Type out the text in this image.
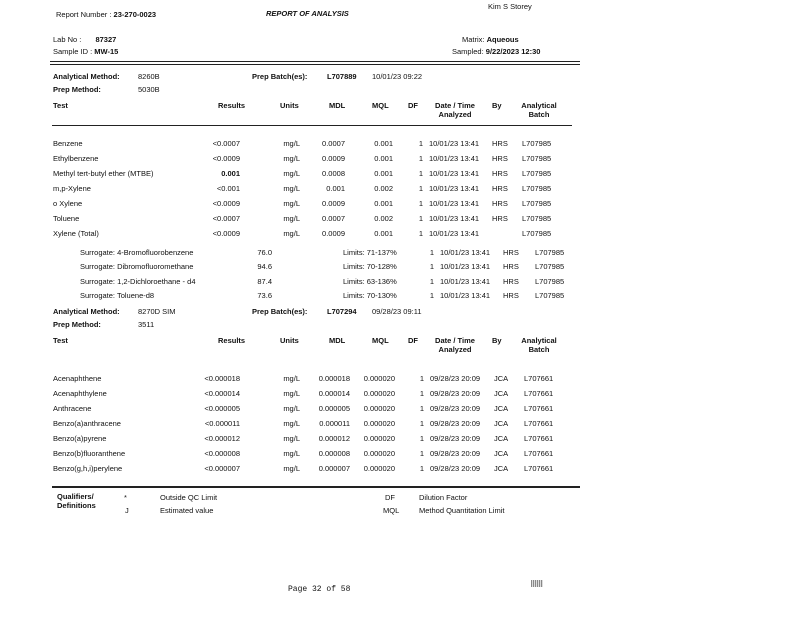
Report Number : 23-270-0023	REPORT OF ANALYSIS
Kim S Storey
Lab No : 87327
Sample ID : MW-15
Matrix: Aqueous
Sampled: 9/22/2023 12:30
Analytical Method: 8260B	Prep Batch(es):	L707889 10/01/23 09:22
Prep Method:	5030B
Test	Results	Units	MDL	MQL	DF	Date / Time
Analyzed
By	Analytical
Batch
Benzene	<0.0007	mg/L	0.0007	0.001	1 10/01/23 13:41 HRS L707985
Ethylbenzene	<0.0009	mg/L	0.0009	0.001	1 10/01/23 13:41 HRS L707985
Methyl tert-butyl ether (MTBE)	0.001	mg/L	0.0008	0.001	1 10/01/23 13:41 HRS L707985
m,p-Xylene	<0.001	mg/L	0.001	0.002	1 10/01/23 13:41 HRS L707985
o Xylene	<0.0009	mg/L	0.0009	0.001	1 10/01/23 13:41 HRS L707985
Toluene	<0.0007	mg/L	0.0007	0.002	1 10/01/23 13:41 HRS L707985
Xylene (Total)	<0.0009	mg/L	0.0009	0.001	1 10/01/23 13:41	L707985
Surrogate: 4-Bromofluorobenzene	76.0	Limits: 71-137%	1 10/01/23 13:41 HRS L707985
Surrogate: Dibromofluoromethane	94.6	Limits: 70-128%	1 10/01/23 13:41 HRS L707985
Surrogate: 1,2-Dichloroethane - d4	87.4	Limits: 63-136%	1 10/01/23 13:41 HRS L707985
Surrogate: Toluene-d8	73.6	Limits: 70-130%	1 10/01/23 13:41 HRS L707985
Analytical Method: 8270D SIM	Prep Batch(es):	L707294 09/28/23 09:11
Prep Method:	3511
Test	Results	Units	MDL	MQL	DF	Date / Time
Analyzed
By	Analytical
Batch
Acenaphthene	<0.000018	mg/L	0.000018	0.000020	1 09/28/23 20:09 JCA L707661
Acenaphthylene	<0.000014	mg/L	0.000014	0.000020	1 09/28/23 20:09 JCA L707661
Anthracene	<0.000005	mg/L	0.000005	0.000020	1 09/28/23 20:09 JCA L707661
Benzo(a)anthracene	<0.000011	mg/L	0.000011	0.000020	1 09/28/23 20:09 JCA L707661
Benzo(a)pyrene	<0.000012	mg/L	0.000012	0.000020	1 09/28/23 20:09 JCA L707661
Benzo(b)fluoranthene	<0.000008	mg/L	0.000008	0.000020	1 09/28/23 20:09 JCA L707661
Benzo(g,h,i)perylene	<0.000007	mg/L	0.000007	0.000020	1 09/28/23 20:09 JCA L707661
Qualifiers/
Definitions
*	Outside QC Limit
J	Estimated value
DF	Dilution Factor
MQL	Method Quantitation Limit
Page 32 of 58
